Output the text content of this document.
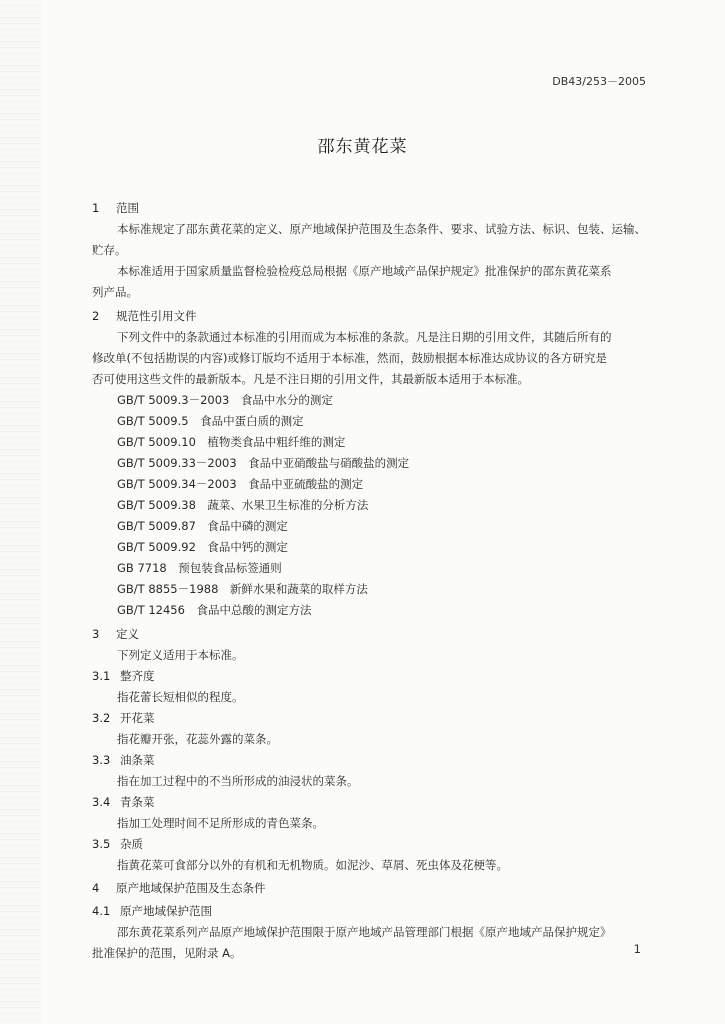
DB43/253－2005
邵东黄花菜
1 范围
本标准规定了邵东黄花菜的定义、原产地域保护范围及生态条件、要求、试验方法、标识、包装、运输、
贮存。
本标准适用于国家质量监督检验检疫总局根据《原产地域产品保护规定》批准保护的邵东黄花菜系
列产品。
2 规范性引用文件
下列文件中的条款通过本标准的引用而成为本标准的条款。凡是注日期的引用文件，其随后所有的
修改单(不包括勘误的内容)或修订版均不适用于本标准，然而，鼓励根据本标准达成协议的各方研究是
否可使用这些文件的最新版本。凡是不注日期的引用文件，其最新版本适用于本标准。
GB/T 5009.3－2003　食品中水分的测定
GB/T 5009.5　食品中蛋白质的测定
GB/T 5009.10　植物类食品中粗纤维的测定
GB/T 5009.33－2003　食品中亚硝酸盐与硝酸盐的测定
GB/T 5009.34－2003　食品中亚硫酸盐的测定
GB/T 5009.38　蔬菜、水果卫生标准的分析方法
GB/T 5009.87　食品中磷的测定
GB/T 5009.92　食品中钙的测定
GB 7718　预包装食品标签通则
GB/T 8855－1988　新鲜水果和蔬菜的取样方法
GB/T 12456　食品中总酸的测定方法
3 定义
下列定义适用于本标准。
3.1 整齐度
指花蕾长短相似的程度。
3.2 开花菜
指花瓣开张，花蕊外露的菜条。
3.3 油条菜
指在加工过程中的不当所形成的油浸状的菜条。
3.4 青条菜
指加工处理时间不足所形成的青色菜条。
3.5 杂质
指黄花菜可食部分以外的有机和无机物质。如泥沙、草屑、死虫体及花梗等。
4 原产地域保护范围及生态条件
4.1 原产地域保护范围
邵东黄花菜系列产品原产地域保护范围限于原产地域产品管理部门根据《原产地域产品保护规定》
批准保护的范围，见附录 A。	1
